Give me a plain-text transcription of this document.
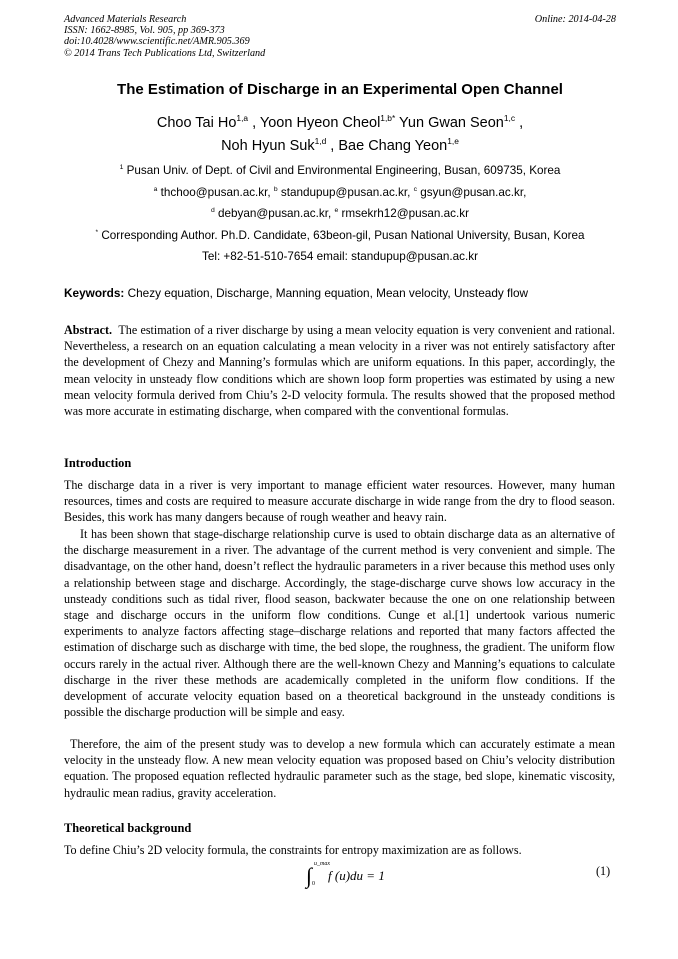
Advanced Materials Research
ISSN: 1662-8985, Vol. 905, pp 369-373
doi:10.4028/www.scientific.net/AMR.905.369
© 2014 Trans Tech Publications Ltd, Switzerland
Online: 2014-04-28
The Estimation of Discharge in an Experimental Open Channel
Choo Tai Ho$^{1,a}$ , Yoon Hyeon Cheol$^{1,b*}$ Yun Gwan Seon$^{1,c}$ ,
Noh Hyun Suk$^{1,d}$ , Bae Chang Yeon$^{1,e}$
$^1$ Pusan Univ. of Dept. of Civil and Environmental Engineering, Busan, 609735, Korea
$^a$ thchoo@pusan.ac.kr, $^b$ standupup@pusan.ac.kr, $^c$ gsyun@pusan.ac.kr,
$^d$ debyan@pusan.ac.kr, $^e$ rmsekrh12@pusan.ac.kr
* Corresponding Author. Ph.D. Candidate, 63beon-gil, Pusan National University, Busan, Korea
Tel: +82-51-510-7654 email: standupup@pusan.ac.kr
Keywords: Chezy equation, Discharge, Manning equation, Mean velocity, Unsteady flow

Abstract. The estimation of a river discharge by using a mean velocity equation is very convenient and rational. Nevertheless, a research on an equation calculating a mean velocity in a river was not entirely satisfactory after the development of Chezy and Manning’s formulas which are uniform equations. In this paper, accordingly, the mean velocity in unsteady flow conditions which are shown loop form properties was estimated by using a new mean velocity formula derived from Chiu’s 2-D velocity formula. The results showed that the proposed method was more accurate in estimating discharge, when compared with the conventional formulas.

Introduction

The discharge data in a river is very important to manage efficient water resources. However, many human resources, times and costs are required to measure accurate discharge in wide range from the dry to flood season. Besides, this work has many dangers because of rough weather and heavy rain.

It has been shown that stage-discharge relationship curve is used to obtain discharge data as an alternative of the discharge measurement in a river. The advantage of the current method is very convenient and simple. The disadvantage, on the other hand, doesn’t reflect the hydraulic parameters in a river because this method uses only a relationship between stage and discharge. Accordingly, the stage-discharge curve shows low accuracy in the unsteady conditions such as tidal river, flood season, backwater because the one on one relationship between stage and discharge occurs in the uniform flow conditions. Cunge et al.[1] undertook various numeric experiments to analyze factors affecting stage–discharge relations and reported that many factors affected the estimation of discharge such as discharge with time, the bed slope, the roughness, the gradient. The uniform flow occurs rarely in the actual river. Although there are the well-known Chezy and Manning’s equations to calculate discharge in the river these methods are academically completed in the uniform flow conditions. If the development of accurate velocity equation based on a theoretical background in the unsteady conditions is possible the discharge production will be simple and easy.

Therefore, the aim of the present study was to develop a new formula which can accurately estimate a mean velocity in the unsteady flow. A new mean velocity equation was proposed based on Chiu’s velocity distribution equation. The proposed equation reflected hydraulic parameter such as the stage, bed slope, kinematic viscosity, hydraulic mean radius, gravity acceleration.

Theoretical background

To define Chiu’s 2D velocity formula, the constraints for entropy maximization are as follows.

∫ u_max
0
f (u)du = 1	(1)
